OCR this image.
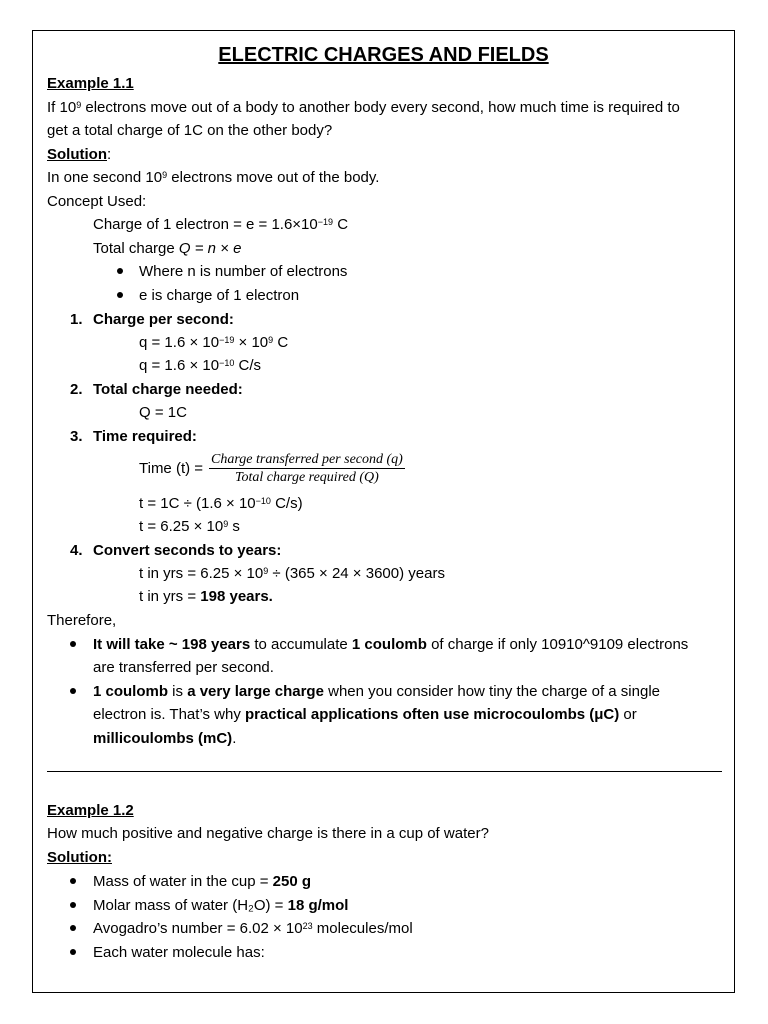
ELECTRIC CHARGES AND FIELDS
Example 1.1
If $10^9$ electrons move out of a body to another body every second, how much time is required to
get a total charge of 1C on the other body?
Solution:
In one second $10^9$ electrons move out of the body.
Concept Used:
Charge of 1 electron = $e = 1.6\times 10^{-19}$ C
Total charge Q = n × e
Where n is number of electrons
e is charge of 1 electron
1. Charge per second:
$q = 1.6 \times 10^{-19} \times 10^9$ C
$q = 1.6 \times 10^{-10}$ C/s
2. Total charge needed:
Q = 1C
3. Time required:
Time (t) =
Charge transferred per second (q)
Total charge required (Q)
$t = 1C \div (1.6 \times 10^{-10}$ C/s)
$t = 6.25 \times 10^9$ s
4. Convert seconds to years:
t in yrs = $6.25 \times 10^9 \div (365 \times 24 \times 3600)$ years
t in yrs = 198 years.
Therefore,
It will take ~ 198 years to accumulate 1 coulomb of charge if only 10910^9109 electrons
are transferred per second.
1 coulomb is a very large charge when you consider how tiny the charge of a single
electron is. That’s why practical applications often use microcoulombs (μC) or
millicoulombs (mC).
Example 1.2
How much positive and negative charge is there in a cup of water?
Solution:
Mass of water in the cup = 250 g
Molar mass of water (H₂O) = 18 g/mol
Avogadro’s number = $6.02 \times 10^{23}$ molecules/mol
Each water molecule has:
